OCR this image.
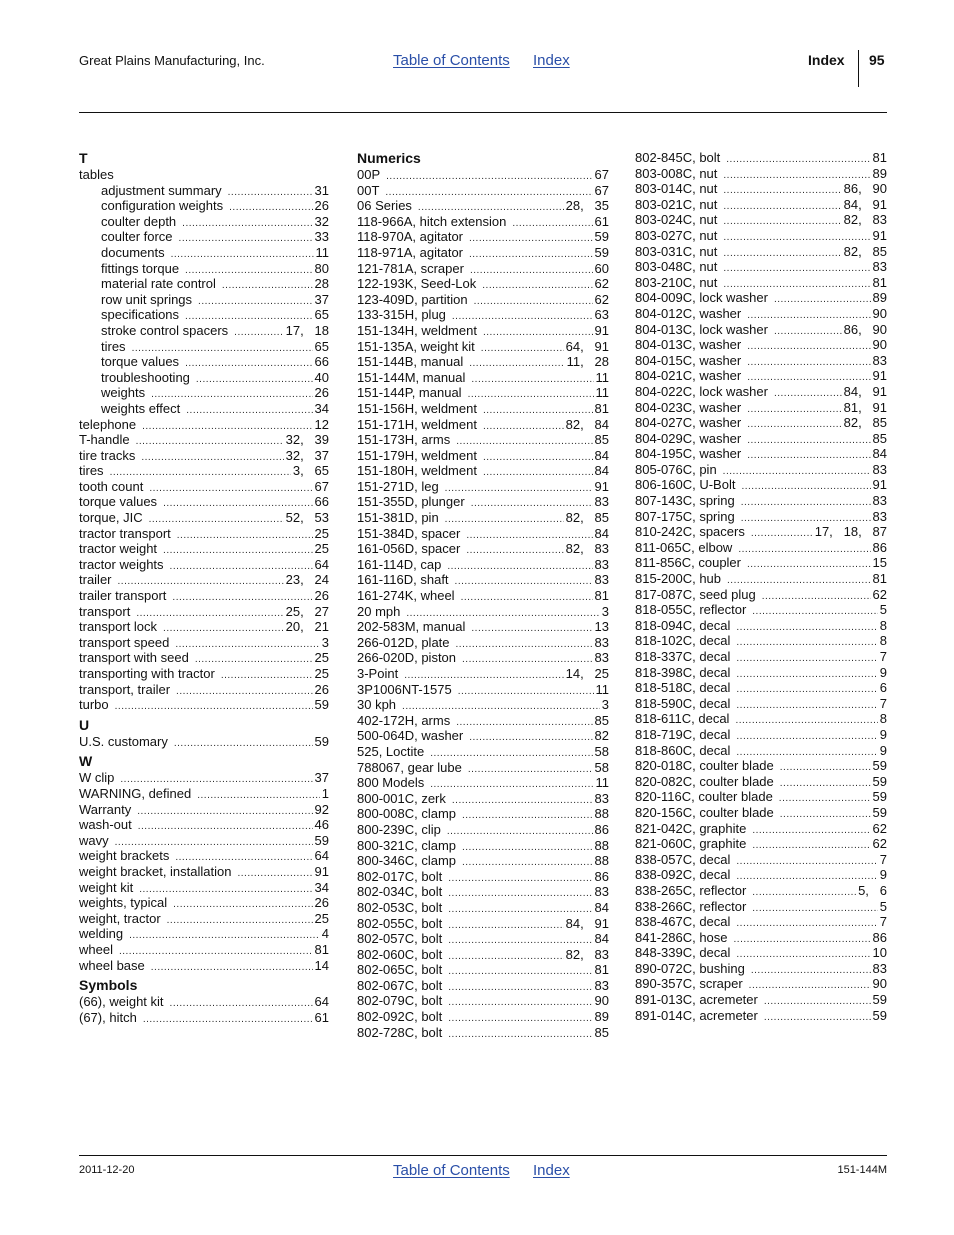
Great Plains Manufacturing, Inc.	Table of Contents Index	Index 95
T
tables
adjustment summary .....	31
configuration weights .....	26
coulter depth .....	32
coulter force .....	33
documents .....	11
fittings torque .....	80
material rate control .....	28
row unit springs .....	37
specifications .....	65
stroke control spacers .....	17,   18
tires .....	65
torque values .....	66
troubleshooting .....	40
weights .....	26
weights effect .....	34
telephone .....	12
T-handle .....	32,   39
tire tracks .....	32,   37
tires .....	3,   65
tooth count .....	67
torque values .....	66
torque, JIC .....	52,   53
tractor transport .....	25
tractor weight .....	25
tractor weights .....	64
trailer .....	23,   24
trailer transport .....	26
transport .....	25,   27
transport lock .....	20,   21
transport speed .....	3
transport with seed .....	25
transporting with tractor .....	25
transport, trailer .....	26
turbo .....	59
U
U.S. customary .....	59
W
W clip .....	37
WARNING, defined .....	1
Warranty .....	92
wash-out .....	46
wavy .....	59
weight brackets .....	64
weight bracket, installation .....	91
weight kit .....	34
weights, typical .....	26
weight, tractor .....	25
welding .....	4
wheel .....	81
wheel base .....	14
Symbols
(66), weight kit .....	64
(67), hitch .....	61
Numerics
00P .....	67
00T .....	67
06 Series .....	28,   35
118-966A, hitch extension .....	61
118-970A, agitator .....	59
118-971A, agitator .....	59
121-781A, scraper .....	60
122-193K, Seed-Lok .....	62
123-409D, partition .....	62
133-315H, plug .....	63
151-134H, weldment .....	91
151-135A, weight kit .....	64,   91
151-144B, manual .....	11,   28
151-144M, manual .....	11
151-144P, manual .....	11
151-156H, weldment .....	81
151-171H, weldment .....	82,   84
151-173H, arms .....	85
151-179H, weldment .....	84
151-180H, weldment .....	84
151-271D, leg .....	91
151-355D, plunger .....	83
151-381D, pin .....	82,   85
151-384D, spacer .....	84
161-056D, spacer .....	82,   83
161-114D, cap .....	83
161-116D, shaft .....	83
161-274K, wheel .....	81
20 mph .....	3
202-583M, manual .....	13
266-012D, plate .....	83
266-020D, piston .....	83
3-Point .....	14,   25
3P1006NT-1575 .....	11
30 kph .....	3
402-172H, arms .....	85
500-064D, washer .....	82
525, Loctite .....	58
788067, gear lube .....	58
800 Models .....	11
800-001C, zerk .....	83
800-008C, clamp .....	88
800-239C, clip .....	86
800-321C, clamp .....	88
800-346C, clamp .....	88
802-017C, bolt .....	86
802-034C, bolt .....	83
802-053C, bolt .....	84
802-055C, bolt .....	84,   91
802-057C, bolt .....	84
802-060C, bolt .....	82,   83
802-065C, bolt .....	81
802-067C, bolt .....	83
802-079C, bolt .....	90
802-092C, bolt .....	89
802-728C, bolt .....	85
802-845C, bolt .....	81
803-008C, nut .....	89
803-014C, nut .....	86,   90
803-021C, nut .....	84,   91
803-024C, nut .....	82,   83
803-027C, nut .....	91
803-031C, nut .....	82,   85
803-048C, nut .....	83
803-210C, nut .....	81
804-009C, lock washer .....	89
804-012C, washer .....	90
804-013C, lock washer .....	86,   90
804-013C, washer .....	90
804-015C, washer .....	83
804-021C, washer .....	91
804-022C, lock washer .....	84,   91
804-023C, washer .....	81,   91
804-027C, washer .....	82,   85
804-029C, washer .....	85
804-195C, washer .....	84
805-076C, pin .....	83
806-160C, U-Bolt .....	91
807-143C, spring .....	83
807-175C, spring .....	83
810-242C, spacers .....	17,   18,   87
811-065C, elbow .....	86
811-856C, coupler .....	15
815-200C, hub .....	81
817-087C, seed plug .....	62
818-055C, reflector .....	5
818-094C, decal .....	8
818-102C, decal .....	8
818-337C, decal .....	7
818-398C, decal .....	9
818-518C, decal .....	6
818-590C, decal .....	7
818-611C, decal .....	8
818-719C, decal .....	9
818-860C, decal .....	9
820-018C, coulter blade .....	59
820-082C, coulter blade .....	59
820-116C, coulter blade .....	59
820-156C, coulter blade .....	59
821-042C, graphite .....	62
821-060C, graphite .....	62
838-057C, decal .....	7
838-092C, decal .....	9
838-265C, reflector .....	5,   6
838-266C, reflector .....	5
838-467C, decal .....	7
841-286C, hose .....	86
848-339C, decal .....	10
890-072C, bushing .....	83
890-357C, scraper .....	90
891-013C, acremeter .....	59
891-014C, acremeter .....	59
2011-12-20	Table of Contents Index	151-144M
